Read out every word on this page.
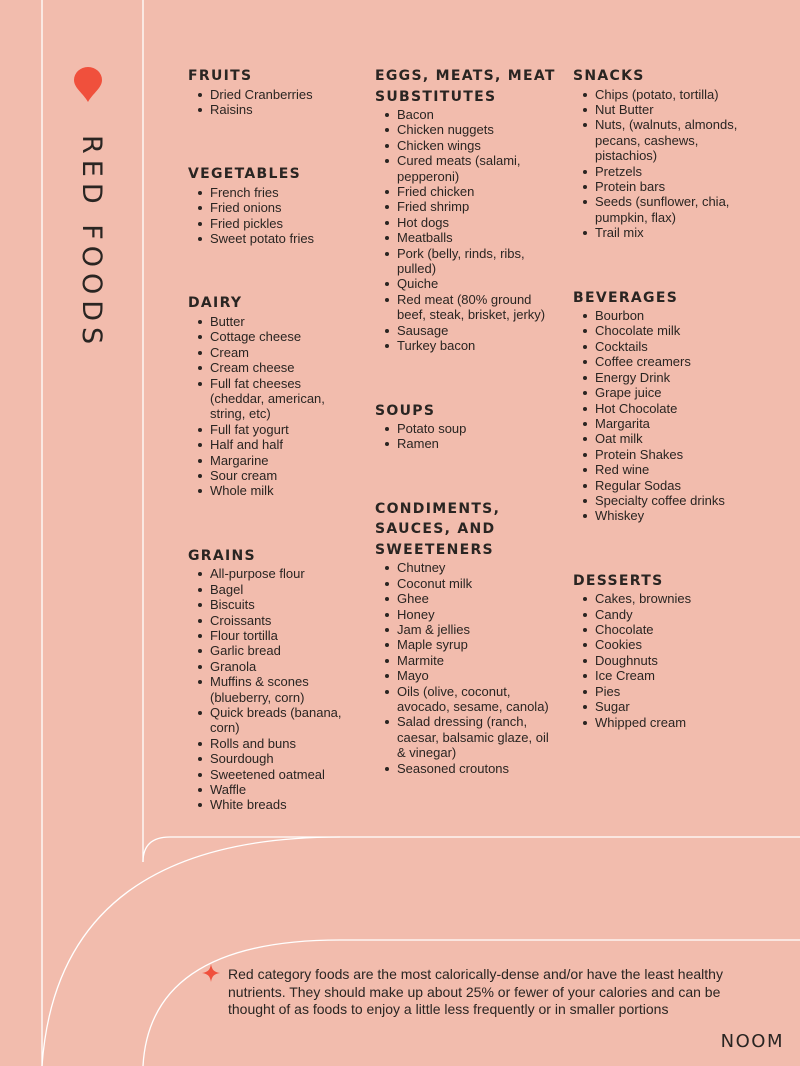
RED FOODS
FRUITS
Dried Cranberries
Raisins
VEGETABLES
French fries
Fried onions
Fried pickles
Sweet potato fries
DAIRY
Butter
Cottage cheese
Cream
Cream cheese
Full fat cheeses (cheddar, american, string, etc)
Full fat yogurt
Half and half
Margarine
Sour cream
Whole milk
GRAINS
All-purpose flour
Bagel
Biscuits
Croissants
Flour tortilla
Garlic bread
Granola
Muffins & scones (blueberry, corn)
Quick breads (banana, corn)
Rolls and buns
Sourdough
Sweetened oatmeal
Waffle
White breads
EGGS, MEATS, MEAT SUBSTITUTES
Bacon
Chicken nuggets
Chicken wings
Cured meats (salami, pepperoni)
Fried chicken
Fried shrimp
Hot dogs
Meatballs
Pork (belly, rinds, ribs, pulled)
Quiche
Red meat (80% ground beef, steak, brisket, jerky)
Sausage
Turkey bacon
SOUPS
Potato soup
Ramen
CONDIMENTS, SAUCES, AND SWEETENERS
Chutney
Coconut milk
Ghee
Honey
Jam & jellies
Maple syrup
Marmite
Mayo
Oils (olive, coconut, avocado, sesame, canola)
Salad dressing (ranch, caesar, balsamic glaze, oil & vinegar)
Seasoned croutons
SNACKS
Chips (potato, tortilla)
Nut Butter
Nuts, (walnuts, almonds, pecans, cashews, pistachios)
Pretzels
Protein bars
Seeds (sunflower, chia, pumpkin, flax)
Trail mix
BEVERAGES
Bourbon
Chocolate milk
Cocktails
Coffee creamers
Energy Drink
Grape juice
Hot Chocolate
Margarita
Oat milk
Protein Shakes
Red wine
Regular Sodas
Specialty coffee drinks
Whiskey
DESSERTS
Cakes, brownies
Candy
Chocolate
Cookies
Doughnuts
Ice Cream
Pies
Sugar
Whipped cream

Red category foods are the most calorically-dense and/or have the least healthy nutrients. They should make up about 25% or fewer of your calories and can be thought of as foods to enjoy a little less frequently or in smaller portions

NOOM
